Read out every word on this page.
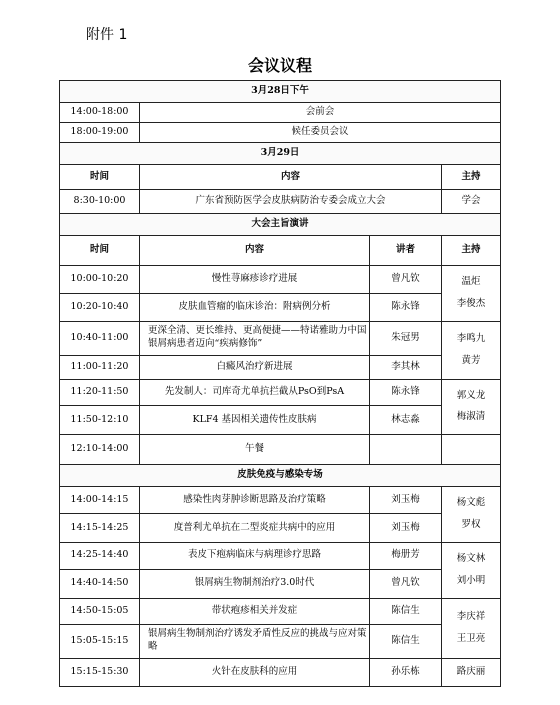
附件 1
会议议程
3月28日下午			
14:00-18:00	会前会		
18:00-19:00	候任委员会议		
3月29日			
时间	内容		主持
8:30-10:00	广东省预防医学会皮肤病防治专委会成立大会		学会
大会主旨演讲			
时间	内容	讲者	主持
10:00-10:20	慢性荨麻疹诊疗进展	曾凡钦	温炬
李俊杰

10:20-10:40	皮肤血管瘤的临床诊治：附病例分析	陈永锋	
10:40-11:00	更深全清、更长维持、更高便捷——特诺雅助力中国银屑病患者迈向“疾病修饰”	朱冠男	李鸣九
黄芳

11:00-11:20	白癜风治疗新进展	李其林	
11:20-11:50	先发制人：司库奇尤单抗拦截从PsO到PsA	陈永锋	郭义龙
梅淑清

11:50-12:10	KLF4 基因相关遗传性皮肤病	林志淼	
12:10-14:00	午餐		
皮肤免疫与感染专场			
14:00-14:15	感染性肉芽肿诊断思路及治疗策略	刘玉梅	杨文彪
罗权

14:15-14:25	度普利尤单抗在二型炎症共病中的应用	刘玉梅	
14:25-14:40	表皮下疱病临床与病理诊疗思路	梅册芳	杨文林
刘小明

14:40-14:50	银屑病生物制剂治疗3.0时代	曾凡钦	
14:50-15:05	带状疱疹相关并发症	陈信生	李庆祥
王卫亮

15:05-15:15	银屑病生物制剂治疗诱发矛盾性反应的挑战与应对策略	陈信生	
15:15-15:30	火针在皮肤科的应用	孙乐栋	路庆丽
